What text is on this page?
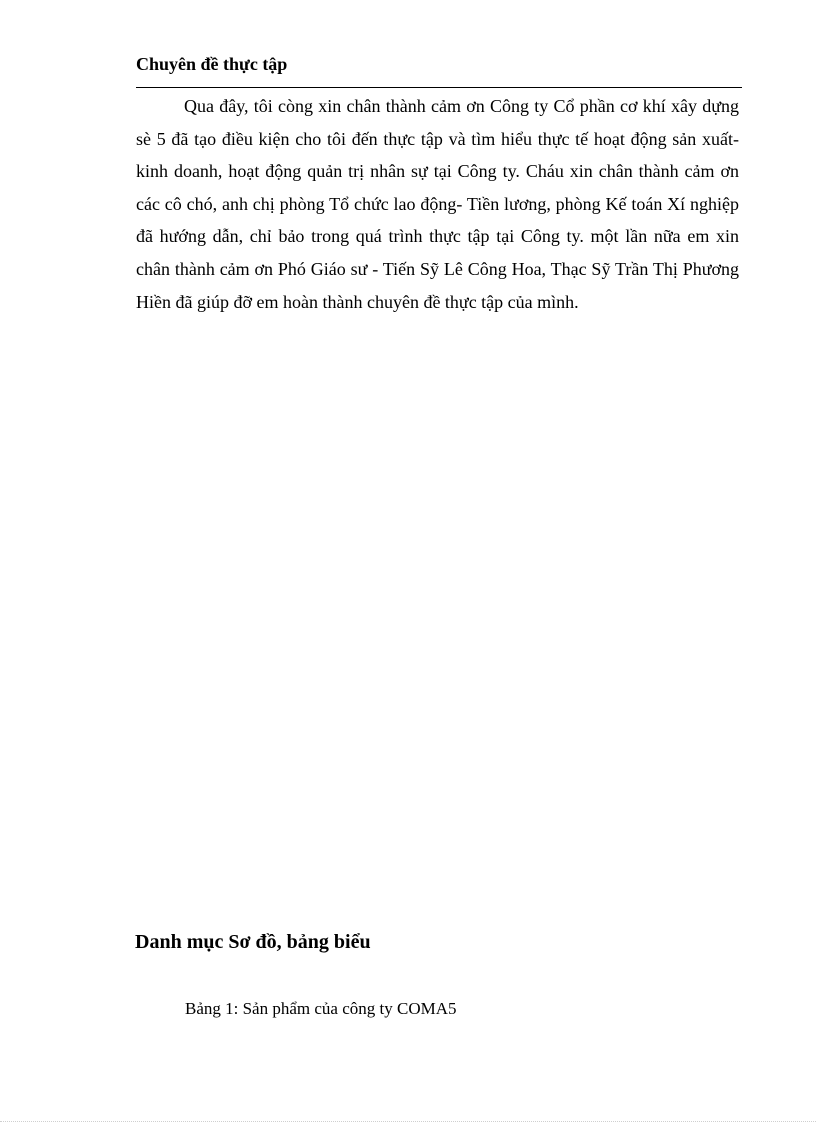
Chuyên đề thực tập

Qua đây, tôi còng xin chân thành cảm ơn Công ty Cổ phần cơ khí xây dựng sè 5 đã tạo điều kiện cho tôi đến thực tập và tìm hiểu thực tế hoạt động sản xuất- kinh doanh, hoạt động quản trị nhân sự tại Công ty. Cháu xin chân thành cảm ơn các cô chó, anh chị phòng Tổ chức lao động- Tiền lương, phòng Kế toán Xí nghiệp đã hướng dẫn, chỉ bảo trong quá trình thực tập tại Công ty. một lần nữa em xin chân thành cảm ơn Phó Giáo sư - Tiến Sỹ Lê Công Hoa, Thạc Sỹ Trần Thị Phương Hiền đã giúp đỡ em hoàn thành chuyên đề thực tập của mình.

Danh mục Sơ đồ, bảng biểu

Bảng 1: Sản phẩm của công ty COMA5
